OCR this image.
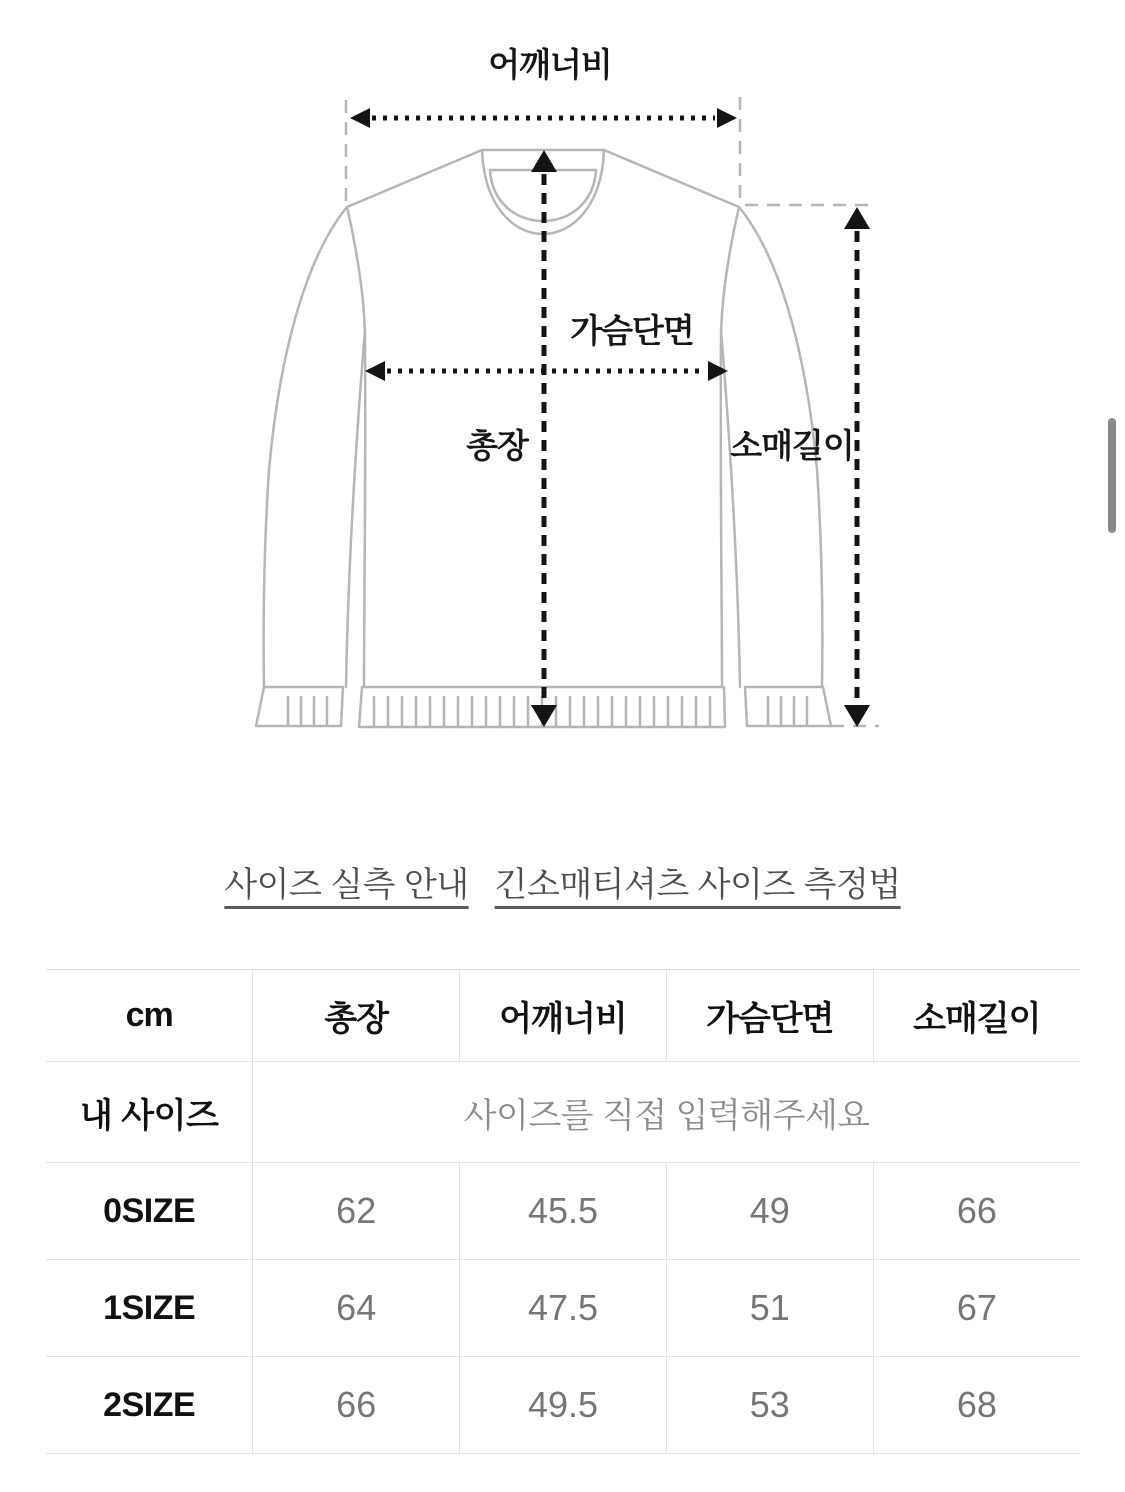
어깨너비
가슴단면
총장	소매길이
사이즈 실측 안내 긴소매티셔츠 사이즈 측정법
cm	총장	어깨너비	가슴단면	소매길이
내 사이즈	사이즈를 직접 입력해주세요			
0SIZE	62	45.5	49	66
1SIZE	64	47.5	51	67
2SIZE	66	49.5	53	68
